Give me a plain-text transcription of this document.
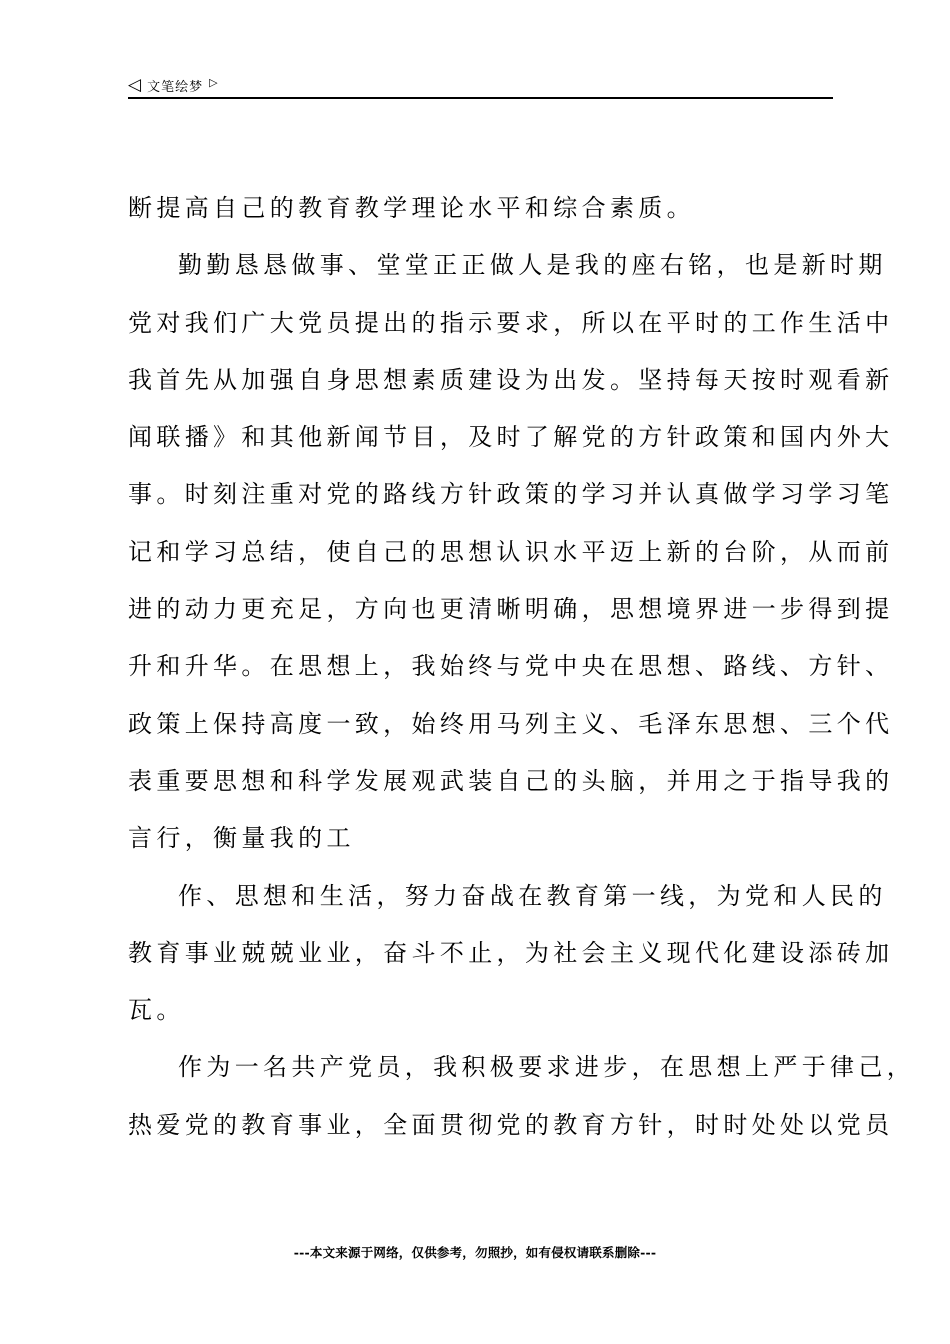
◁ 文笔绘梦 ▷
断提高自己的教育教学理论水平和综合素质。
勤勤恳恳做事、堂堂正正做人是我的座右铭，也是新时期
党对我们广大党员提出的指示要求，所以在平时的工作生活中
我首先从加强自身思想素质建设为出发。坚持每天按时观看新
闻联播》和其他新闻节目，及时了解党的方针政策和国内外大
事。时刻注重对党的路线方针政策的学习并认真做学习学习笔
记和学习总结，使自己的思想认识水平迈上新的台阶，从而前
进的动力更充足，方向也更清晰明确，思想境界进一步得到提
升和升华。在思想上，我始终与党中央在思想、路线、方针、
政策上保持高度一致，始终用马列主义、毛泽东思想、三个代
表重要思想和科学发展观武装自己的头脑，并用之于指导我的
言行，衡量我的工
作、思想和生活，努力奋战在教育第一线，为党和人民的
教育事业兢兢业业，奋斗不止，为社会主义现代化建设添砖加
瓦。
作为一名共产党员，我积极要求进步，在思想上严于律己，
热爱党的教育事业，全面贯彻党的教育方针，时时处处以党员
---本文来源于网络，仅供参考，勿照抄，如有侵权请联系删除---
